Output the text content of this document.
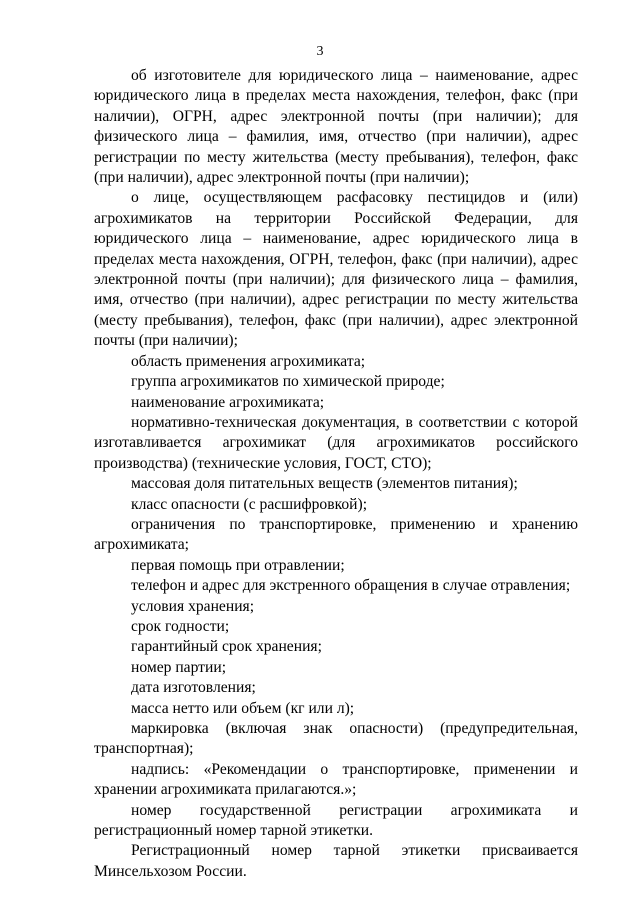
3

об изготовителе для юридического лица – наименование, адрес юридического лица в пределах места нахождения, телефон, факс (при наличии), ОГРН, адрес электронной почты (при наличии); для физического лица – фамилия, имя, отчество (при наличии), адрес регистрации по месту жительства (месту пребывания), телефон, факс (при наличии), адрес электронной почты (при наличии);

о лице, осуществляющем расфасовку пестицидов и (или) агрохимикатов на территории Российской Федерации, для юридического лица – наименование, адрес юридического лица в пределах места нахождения, ОГРН, телефон, факс (при наличии), адрес электронной почты (при наличии); для физического лица – фамилия, имя, отчество (при наличии), адрес регистрации по месту жительства (месту пребывания), телефон, факс (при наличии), адрес электронной почты (при наличии);

область применения агрохимиката;

группа агрохимикатов по химической природе;

наименование агрохимиката;

нормативно-техническая документация, в соответствии с которой изготавливается агрохимикат (для агрохимикатов российского производства) (технические условия, ГОСТ, СТО);

массовая доля питательных веществ (элементов питания);

класс опасности (с расшифровкой);

ограничения по транспортировке, применению и хранению агрохимиката;

первая помощь при отравлении;

телефон и адрес для экстренного обращения в случае отравления;

условия хранения;

срок годности;

гарантийный срок хранения;

номер партии;

дата изготовления;

масса нетто или объем (кг или л);

маркировка (включая знак опасности) (предупредительная, транспортная);

надпись: «Рекомендации о транспортировке, применении и хранении агрохимиката прилагаются.»;

номер государственной регистрации агрохимиката и регистрационный номер тарной этикетки.

Регистрационный номер тарной этикетки присваивается Минсельхозом России.
